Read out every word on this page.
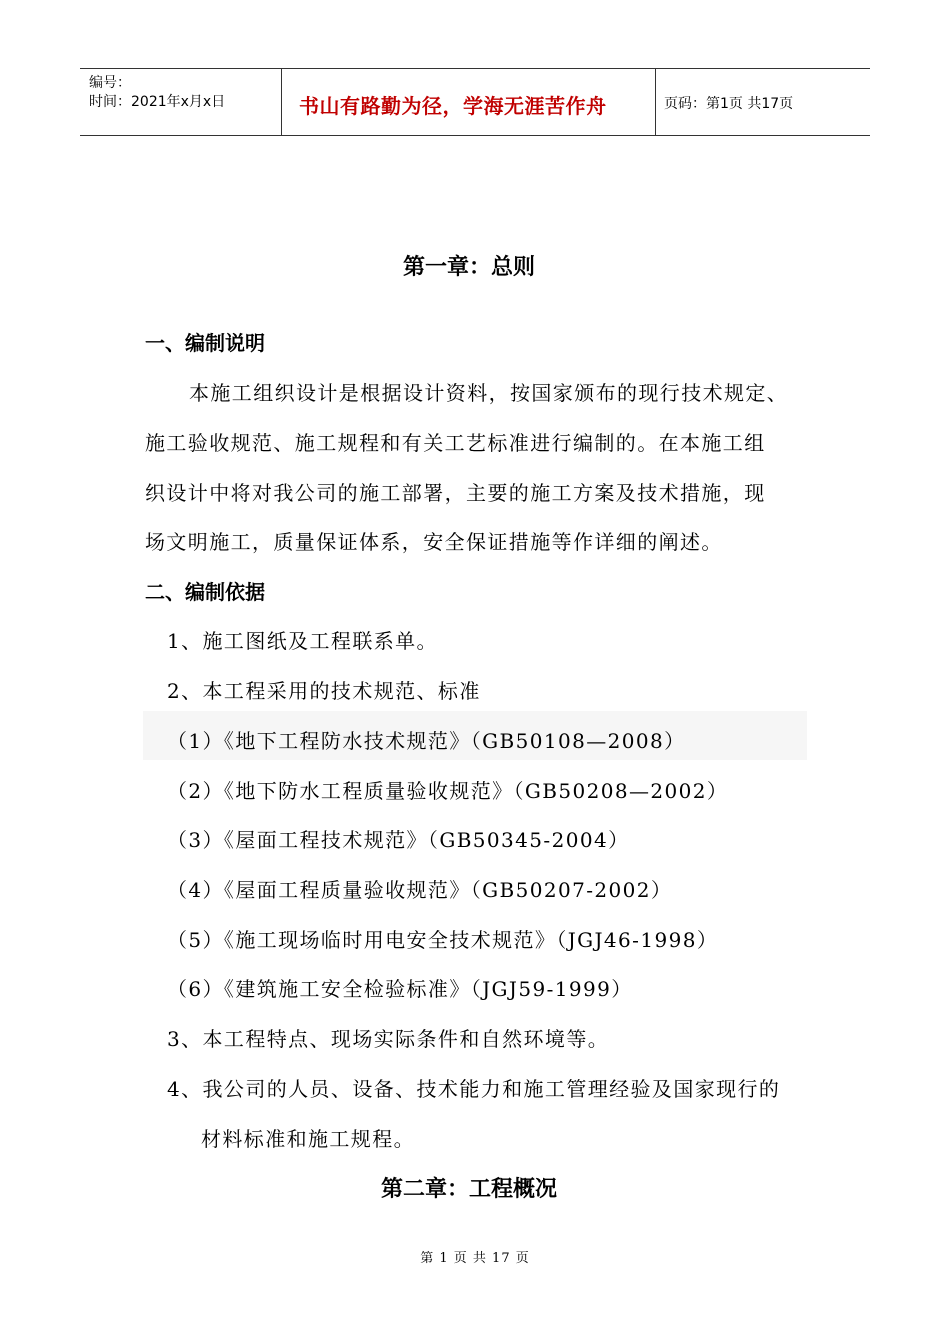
编号：
时间：2021年x月x日	书山有路勤为径，学海无涯苦作舟	页码：第1页 共17页
第一章：总则
一、编制说明
本施工组织设计是根据设计资料，按国家颁布的现行技术规定、
施工验收规范、施工规程和有关工艺标准进行编制的。在本施工组
织设计中将对我公司的施工部署，主要的施工方案及技术措施，现
场文明施工，质量保证体系，安全保证措施等作详细的阐述。
二、编制依据
1、施工图纸及工程联系单。
2、本工程采用的技术规范、标准
（1）《地下工程防水技术规范》（GB50108—2008）
（2）《地下防水工程质量验收规范》（GB50208—2002）
（3）《屋面工程技术规范》（GB50345-2004）
（4）《屋面工程质量验收规范》（GB50207-2002）
（5）《施工现场临时用电安全技术规范》（JGJ46-1998）
（6）《建筑施工安全检验标准》（JGJ59-1999）
3、本工程特点、现场实际条件和自然环境等。
4、我公司的人员、设备、技术能力和施工管理经验及国家现行的
材料标准和施工规程。
第二章：工程概况
第 1 页 共 17 页
